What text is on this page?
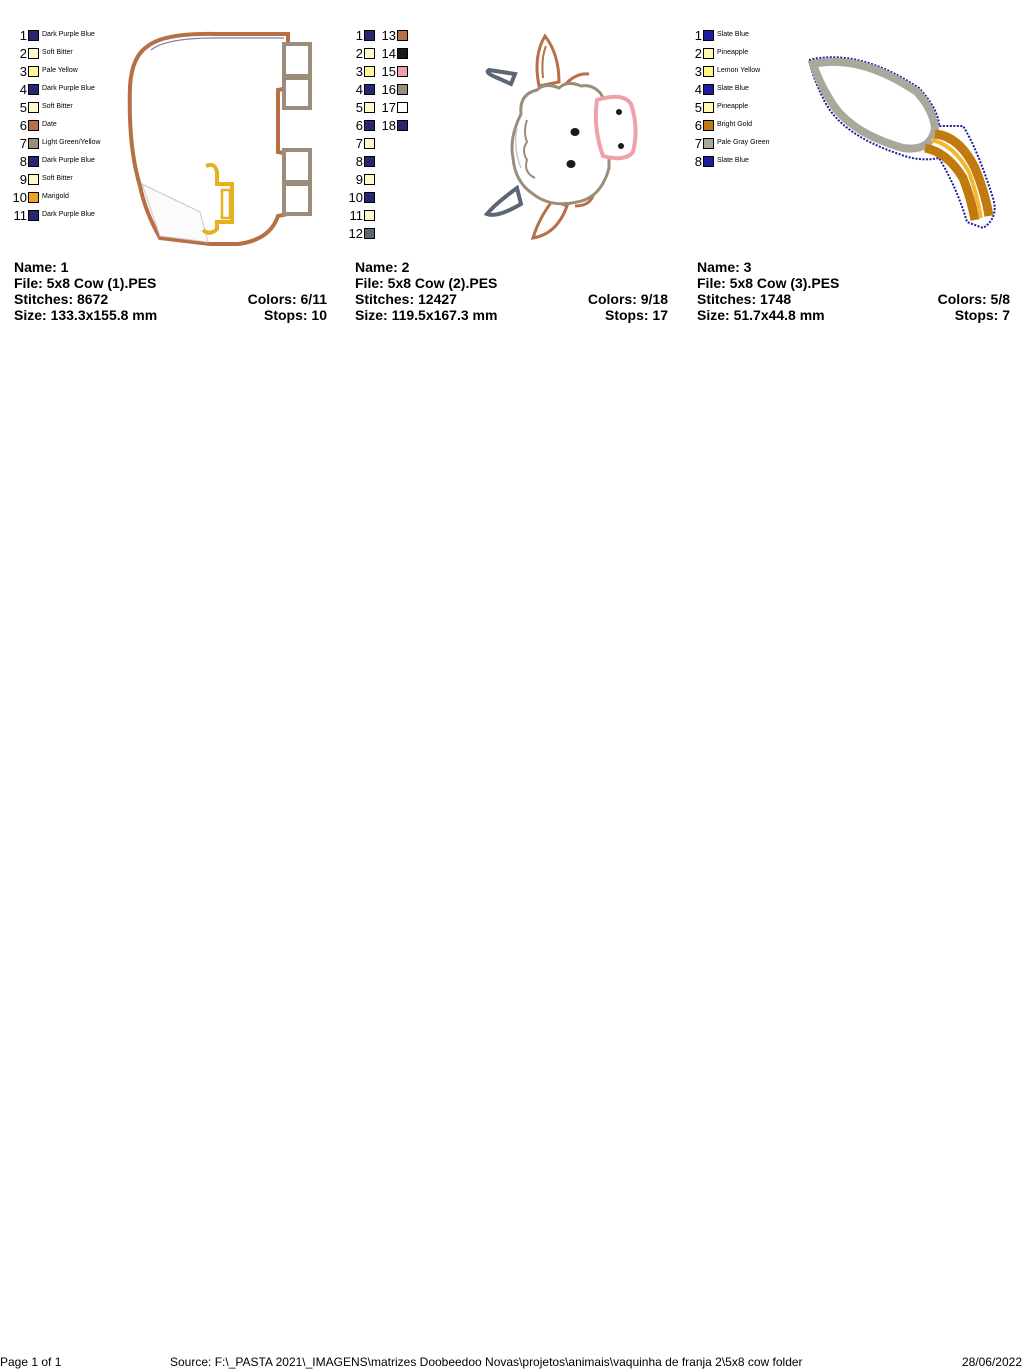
1 Dark Purple Blue
2 Soft Bitter
3 Pale Yellow
4 Dark Purple Blue
5 Soft Bitter
6 Date
7 Light Green/Yellow
8 Dark Purple Blue
9 Soft Bitter
10 Marigold
11 Dark Purple Blue
Name: 1
File: 5x8 Cow (1).PES
Stitches: 8672	Colors: 6/11
Size: 133.3x155.8 mm	Stops: 10
1
2
3
4
5
6
7
8
9
10
11
12
13
14
15
16
17
18
Name: 2
File: 5x8 Cow (2).PES
Stitches: 12427	Colors: 9/18
Size: 119.5x167.3 mm	Stops: 17
1 Slate Blue
2 Pineapple
3 Lemon Yellow
4 Slate Blue
5 Pineapple
6 Bright Gold
7 Pale Gray Green
8 Slate Blue
Name: 3
File: 5x8 Cow (3).PES
Stitches: 1748	Colors: 5/8
Size: 51.7x44.8 mm	Stops: 7
Page 1 of 1	Source: F:\_PASTA 2021\_IMAGENS\matrizes Doobeedoo Novas\projetos\animais\vaquinha de franja 2\5x8 cow folder	28/06/2022
